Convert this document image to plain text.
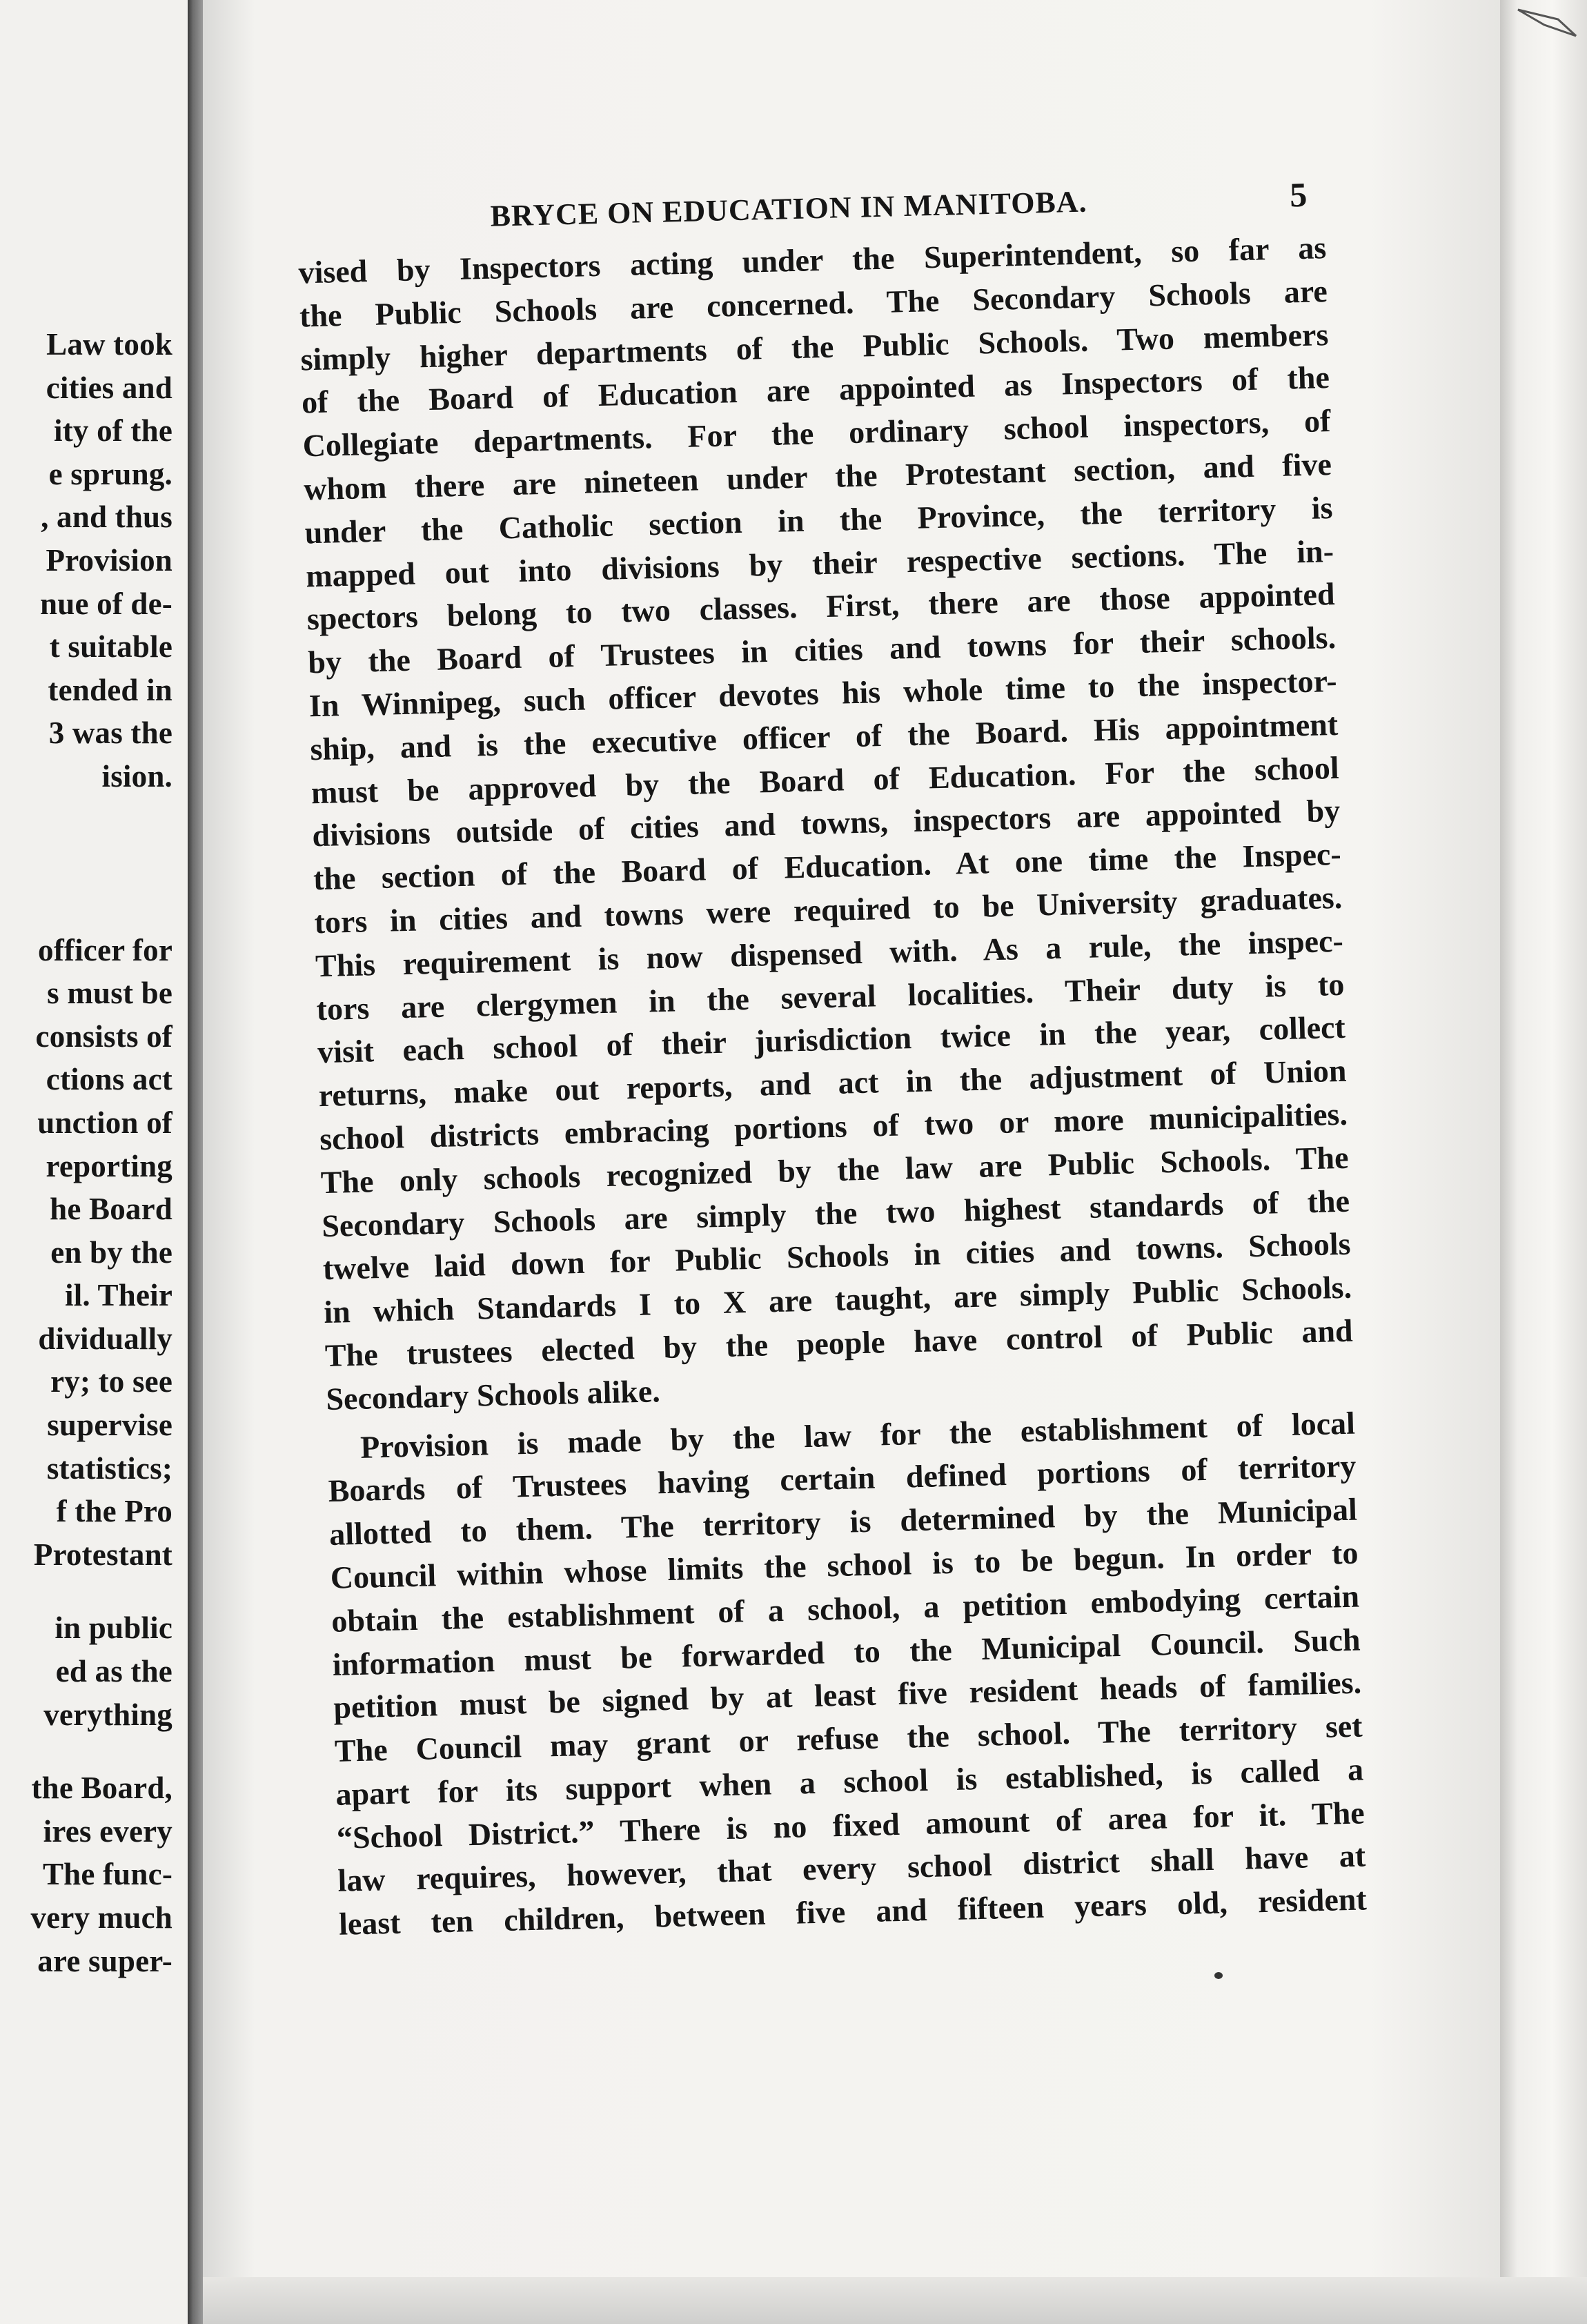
Law took
cities and
ity of the
e sprung.
, and thus
Provision
nue of de-
t suitable
tended in
3 was the
ision.
officer for
s must be
consists of
ctions act
unction of
reporting
he Board
en by the
il. Their
dividually
ry; to see
supervise
statistics;
f the Pro
Protestant
in public
ed as the
verything
the Board,
ires every
The func-
very much
are super-
BRYCE ON EDUCATION IN MANITOBA.	5
vised by Inspectors acting under the Superintendent, so far as
the Public Schools are concerned. The Secondary Schools are
simply higher departments of the Public Schools. Two members
of the Board of Education are appointed as Inspectors of the
Collegiate departments. For the ordinary school inspectors, of
whom there are nineteen under the Protestant section, and five
under the Catholic section in the Province, the territory is
mapped out into divisions by their respective sections. The in-
spectors belong to two classes. First, there are those appointed
by the Board of Trustees in cities and towns for their schools.
In Winnipeg, such officer devotes his whole time to the inspector-
ship, and is the executive officer of the Board. His appointment
must be approved by the Board of Education. For the school
divisions outside of cities and towns, inspectors are appointed by
the section of the Board of Education. At one time the Inspec-
tors in cities and towns were required to be University graduates.
This requirement is now dispensed with. As a rule, the inspec-
tors are clergymen in the several localities. Their duty is to
visit each school of their jurisdiction twice in the year, collect
returns, make out reports, and act in the adjustment of Union
school districts embracing portions of two or more municipalities.
The only schools recognized by the law are Public Schools. The
Secondary Schools are simply the two highest standards of the
twelve laid down for Public Schools in cities and towns. Schools
in which Standards I to X are taught, are simply Public Schools.
The trustees elected by the people have control of Public and
Secondary Schools alike.
Provision is made by the law for the establishment of local
Boards of Trustees having certain defined portions of territory
allotted to them. The territory is determined by the Municipal
Council within whose limits the school is to be begun. In order to
obtain the establishment of a school, a petition embodying certain
information must be forwarded to the Municipal Council. Such
petition must be signed by at least five resident heads of families.
The Council may grant or refuse the school. The territory set
apart for its support when a school is established, is called a
“School District.” There is no fixed amount of area for it. The
law requires, however, that every school district shall have at
least ten children, between five and fifteen years old, resident
